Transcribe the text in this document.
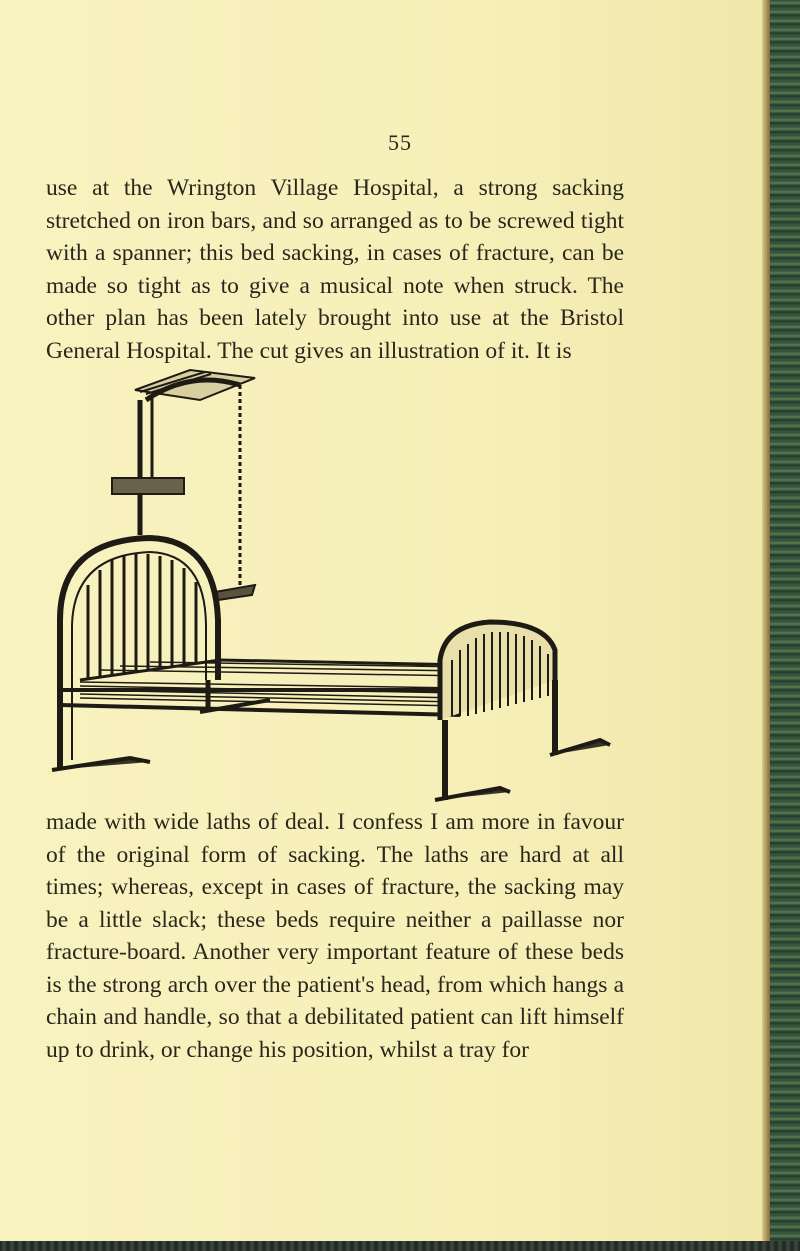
55

use at the Wrington Village Hospital, a strong sacking stretched on iron bars, and so arranged as to be screwed tight with a spanner; this bed sacking, in cases of fracture, can be made so tight as to give a musical note when struck. The other plan has been lately brought into use at the Bristol General Hospital. The cut gives an illustration of it. It is

made with wide laths of deal. I confess I am more in favour of the original form of sacking. The laths are hard at all times; whereas, except in cases of fracture, the sacking may be a little slack; these beds require neither a paillasse nor fracture-board. Another very important feature of these beds is the strong arch over the patient's head, from which hangs a chain and handle, so that a debilitated patient can lift himself up to drink, or change his position, whilst a tray for
